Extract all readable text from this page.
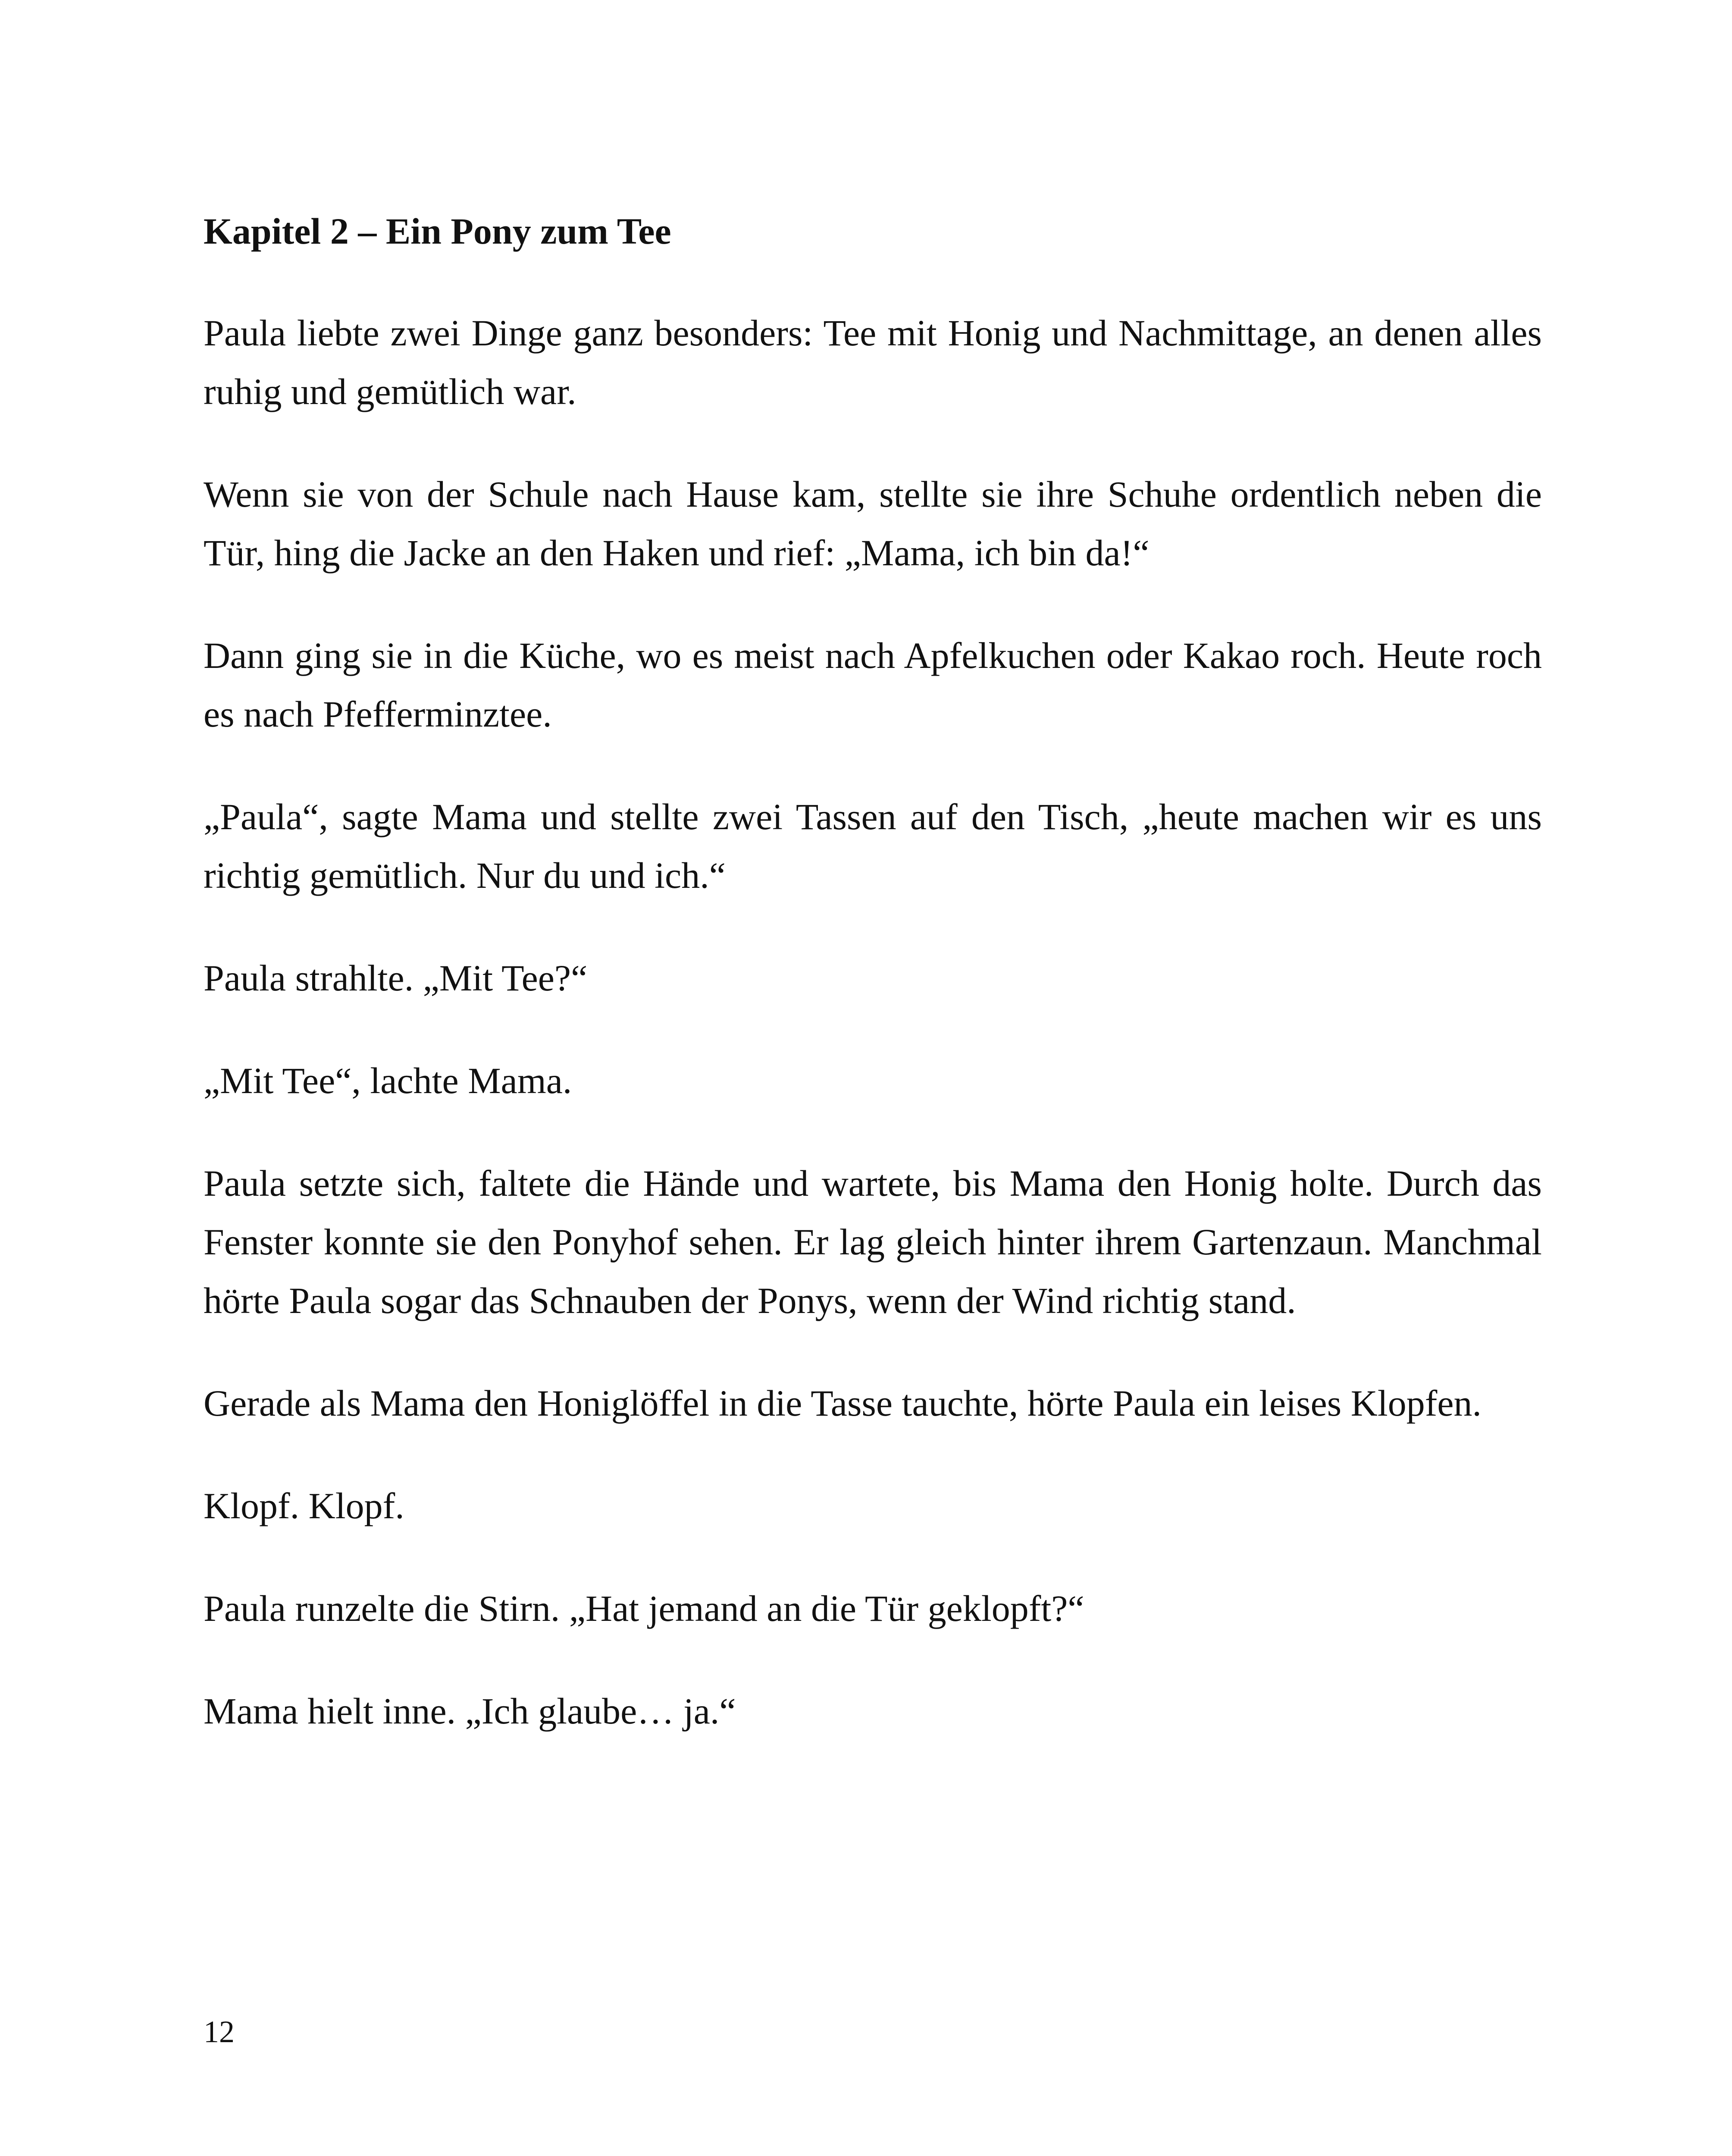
Kapitel 2 – Ein Pony zum Tee

Paula liebte zwei Dinge ganz besonders: Tee mit Honig und Nachmittage, an denen alles ruhig und gemütlich war.

Wenn sie von der Schule nach Hause kam, stellte sie ihre Schuhe ordentlich neben die Tür, hing die Jacke an den Haken und rief: „Mama, ich bin da!“

Dann ging sie in die Küche, wo es meist nach Apfelkuchen oder Kakao roch. Heute roch es nach Pfefferminztee.

„Paula“, sagte Mama und stellte zwei Tassen auf den Tisch, „heute machen wir es uns richtig gemütlich. Nur du und ich.“

Paula strahlte. „Mit Tee?“

„Mit Tee“, lachte Mama.

Paula setzte sich, faltete die Hände und wartete, bis Mama den Honig holte. Durch das Fenster konnte sie den Ponyhof sehen. Er lag gleich hinter ihrem Gartenzaun. Manchmal hörte Paula sogar das Schnauben der Ponys, wenn der Wind richtig stand.

Gerade als Mama den Honiglöffel in die Tasse tauchte, hörte Paula ein leises Klopfen.

Klopf. Klopf.

Paula runzelte die Stirn. „Hat jemand an die Tür geklopft?“

Mama hielt inne. „Ich glaube… ja.“

12
